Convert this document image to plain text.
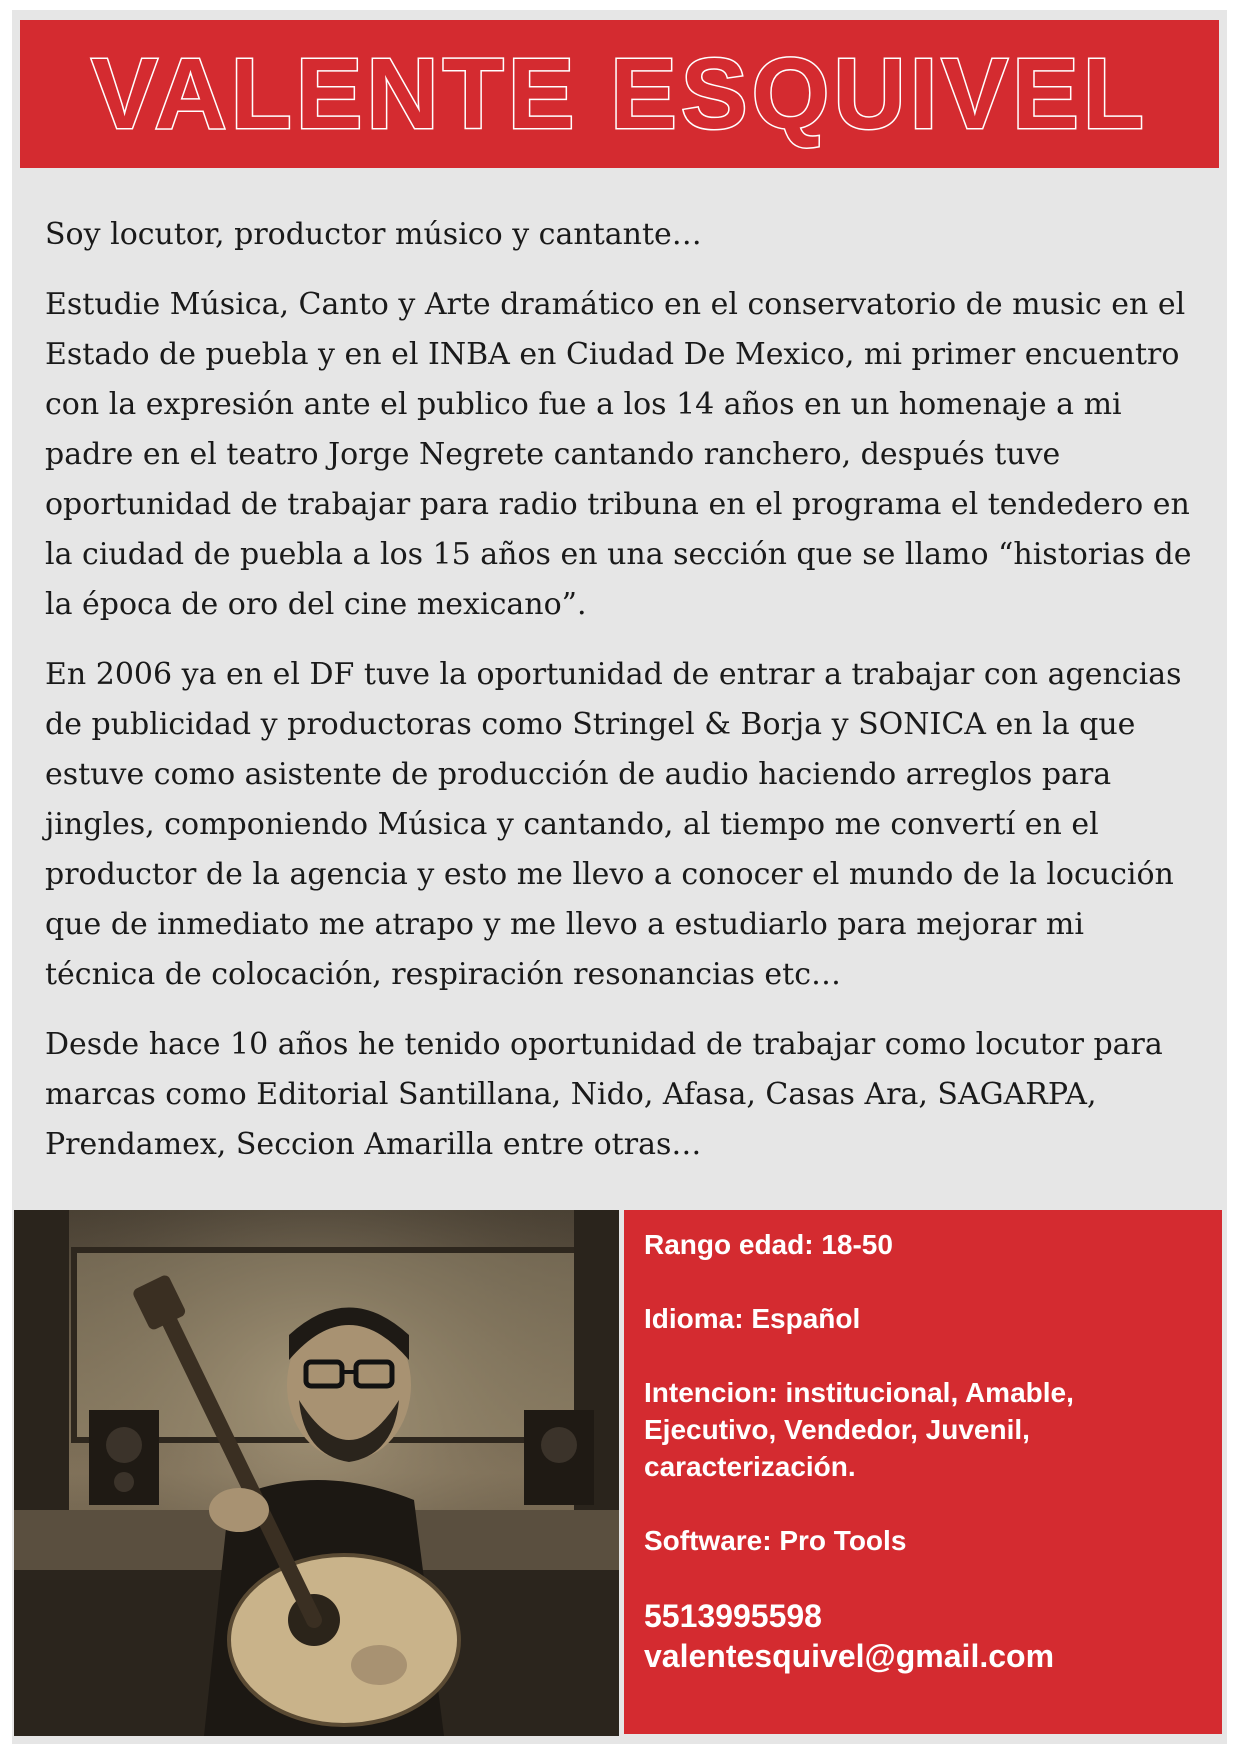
VALENTE ESQUIVEL

Soy locutor, productor músico y cantante…

Estudie Música, Canto y Arte dramático en el conservatorio de music en el Estado de puebla y en el INBA en Ciudad De Mexico, mi primer encuentro con la expresión ante el publico fue a los 14 años en un homenaje a mi padre en el teatro Jorge Negrete cantando ranchero, después tuve oportunidad de trabajar para radio tribuna en el programa el tendedero en la ciudad de puebla a los 15 años en una sección que se llamo “historias de la época de oro del cine mexicano”.

En 2006 ya en el DF tuve la oportunidad de entrar a trabajar con agencias de publicidad y productoras como Stringel & Borja y SONICA en la que estuve como asistente de producción de audio haciendo arreglos para jingles, componiendo Música y cantando, al tiempo me convertí en el productor de la agencia y esto me llevo a conocer el mundo de la locución que de inmediato me atrapo y me llevo a estudiarlo para mejorar mi técnica de colocación, respiración resonancias etc…

Desde hace 10 años he tenido oportunidad de trabajar como locutor para marcas como Editorial Santillana, Nido, Afasa, Casas Ara, SAGARPA, Prendamex, Seccion Amarilla entre otras…

Rango edad: 18-50

Idioma: Español

Intencion: institucional, Amable,

Ejecutivo, Vendedor, Juvenil,

caracterización.

Software: Pro Tools

5513995598

valentesquivel@gmail.com
